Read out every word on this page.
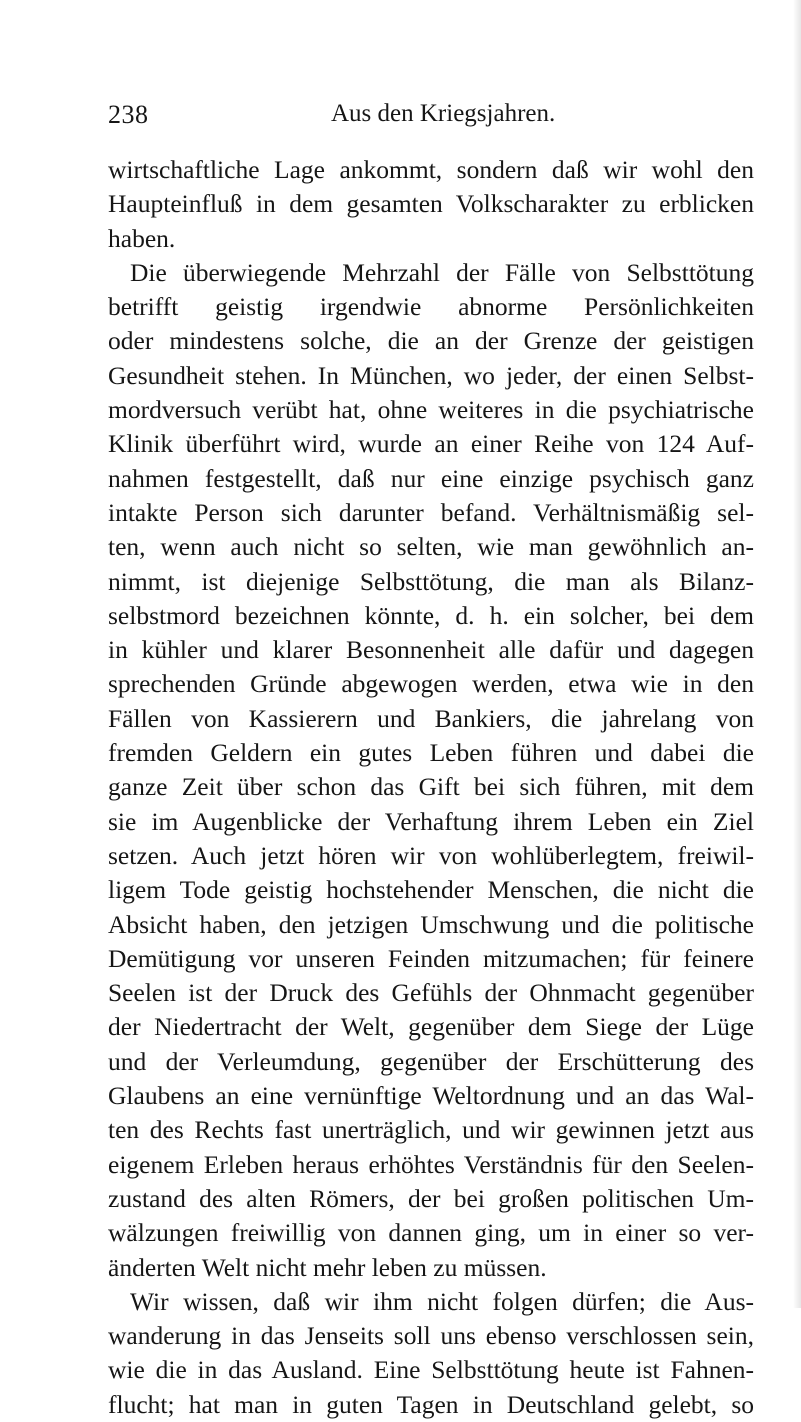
238	Aus den Kriegsjahren.
wirtschaftliche Lage ankommt, sondern daß wir wohl den
Haupteinfluß in dem gesamten Volkscharakter zu erblicken
haben.
Die überwiegende Mehrzahl der Fälle von Selbsttötung
betrifft geistig irgendwie abnorme Persönlichkeiten
oder mindestens solche, die an der Grenze der geistigen
Gesundheit stehen. In München, wo jeder, der einen Selbst-
mordversuch verübt hat, ohne weiteres in die psychiatrische
Klinik überführt wird, wurde an einer Reihe von 124 Auf-
nahmen festgestellt, daß nur eine einzige psychisch ganz
intakte Person sich darunter befand. Verhältnismäßig sel-
ten, wenn auch nicht so selten, wie man gewöhnlich an-
nimmt, ist diejenige Selbsttötung, die man als Bilanz-
selbstmord bezeichnen könnte, d. h. ein solcher, bei dem
in kühler und klarer Besonnenheit alle dafür und dagegen
sprechenden Gründe abgewogen werden, etwa wie in den
Fällen von Kassierern und Bankiers, die jahrelang von
fremden Geldern ein gutes Leben führen und dabei die
ganze Zeit über schon das Gift bei sich führen, mit dem
sie im Augenblicke der Verhaftung ihrem Leben ein Ziel
setzen. Auch jetzt hören wir von wohlüberlegtem, freiwil-
ligem Tode geistig hochstehender Menschen, die nicht die
Absicht haben, den jetzigen Umschwung und die politische
Demütigung vor unseren Feinden mitzumachen; für feinere
Seelen ist der Druck des Gefühls der Ohnmacht gegenüber
der Niedertracht der Welt, gegenüber dem Siege der Lüge
und der Verleumdung, gegenüber der Erschütterung des
Glaubens an eine vernünftige Weltordnung und an das Wal-
ten des Rechts fast unerträglich, und wir gewinnen jetzt aus
eigenem Erleben heraus erhöhtes Verständnis für den Seelen-
zustand des alten Römers, der bei großen politischen Um-
wälzungen freiwillig von dannen ging, um in einer so ver-
änderten Welt nicht mehr leben zu müssen.
Wir wissen, daß wir ihm nicht folgen dürfen; die Aus-
wanderung in das Jenseits soll uns ebenso verschlossen sein,
wie die in das Ausland. Eine Selbsttötung heute ist Fahnen-
flucht; hat man in guten Tagen in Deutschland gelebt, so
